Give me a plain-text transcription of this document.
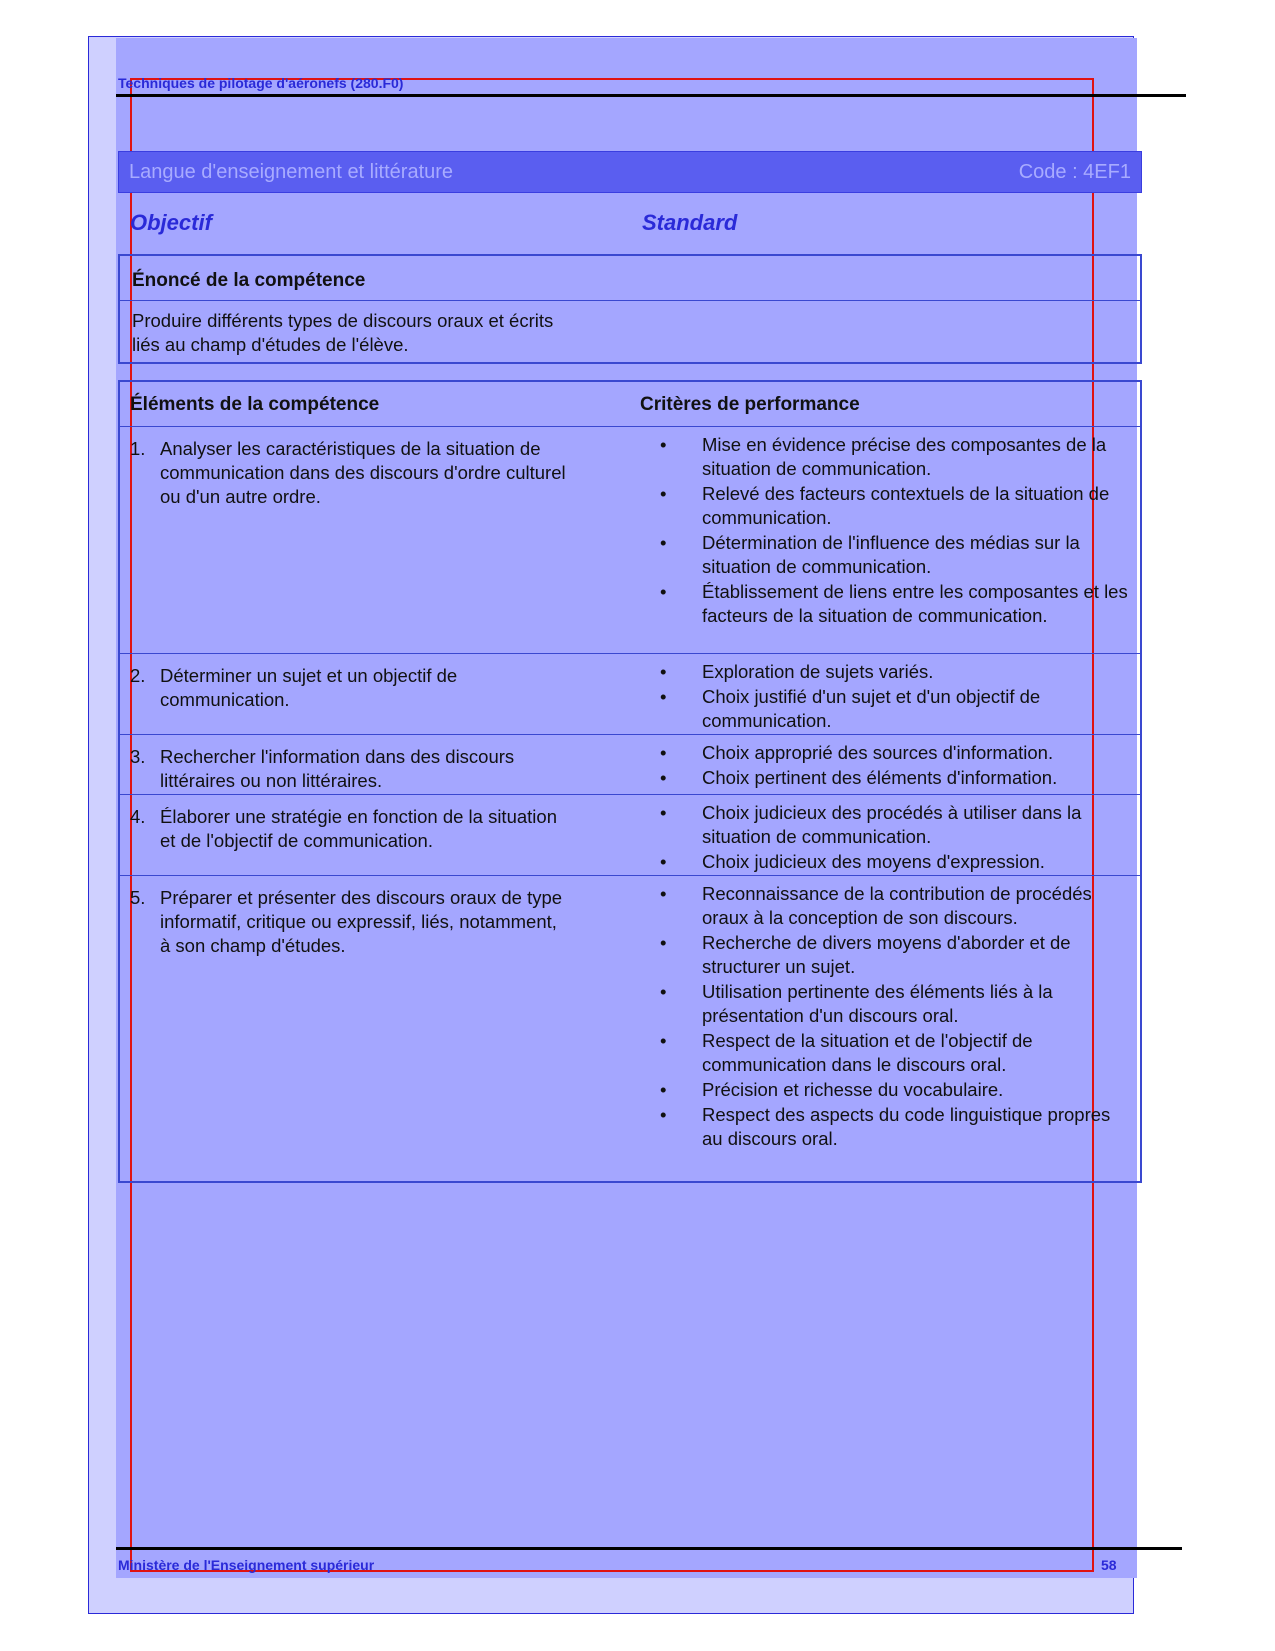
Techniques de pilotage d'aéronefs (280.F0)
Langue d'enseignement et littérature	Code : 4EF1
Objectif	Standard
Énoncé de la compétence
Produire différents types de discours oraux et écrits
liés au champ d'études de l'élève.
Éléments de la compétence	Critères de performance
1. Analyser les caractéristiques de la situation de
communication dans des discours d'ordre culturel
ou d'un autre ordre.
• Mise en évidence précise des composantes de la situation de communication.
• Relevé des facteurs contextuels de la situation de communication.
• Détermination de l'influence des médias sur la situation de communication.
• Établissement de liens entre les composantes et les facteurs de la situation de communication.
2. Déterminer un sujet et un objectif de
communication.
• Exploration de sujets variés.
• Choix justifié d'un sujet et d'un objectif de communication.
3. Rechercher l'information dans des discours
littéraires ou non littéraires.
• Choix approprié des sources d'information.
• Choix pertinent des éléments d'information.
4. Élaborer une stratégie en fonction de la situation
et de l'objectif de communication.
• Choix judicieux des procédés à utiliser dans la situation de communication.
• Choix judicieux des moyens d'expression.
5. Préparer et présenter des discours oraux de type
informatif, critique ou expressif, liés, notamment,
à son champ d'études.
• Reconnaissance de la contribution de procédés oraux à la conception de son discours.
• Recherche de divers moyens d'aborder et de structurer un sujet.
• Utilisation pertinente des éléments liés à la présentation d'un discours oral.
• Respect de la situation et de l'objectif de communication dans le discours oral.
• Précision et richesse du vocabulaire.
• Respect des aspects du code linguistique propres au discours oral.
Ministère de l'Enseignement supérieur	58
